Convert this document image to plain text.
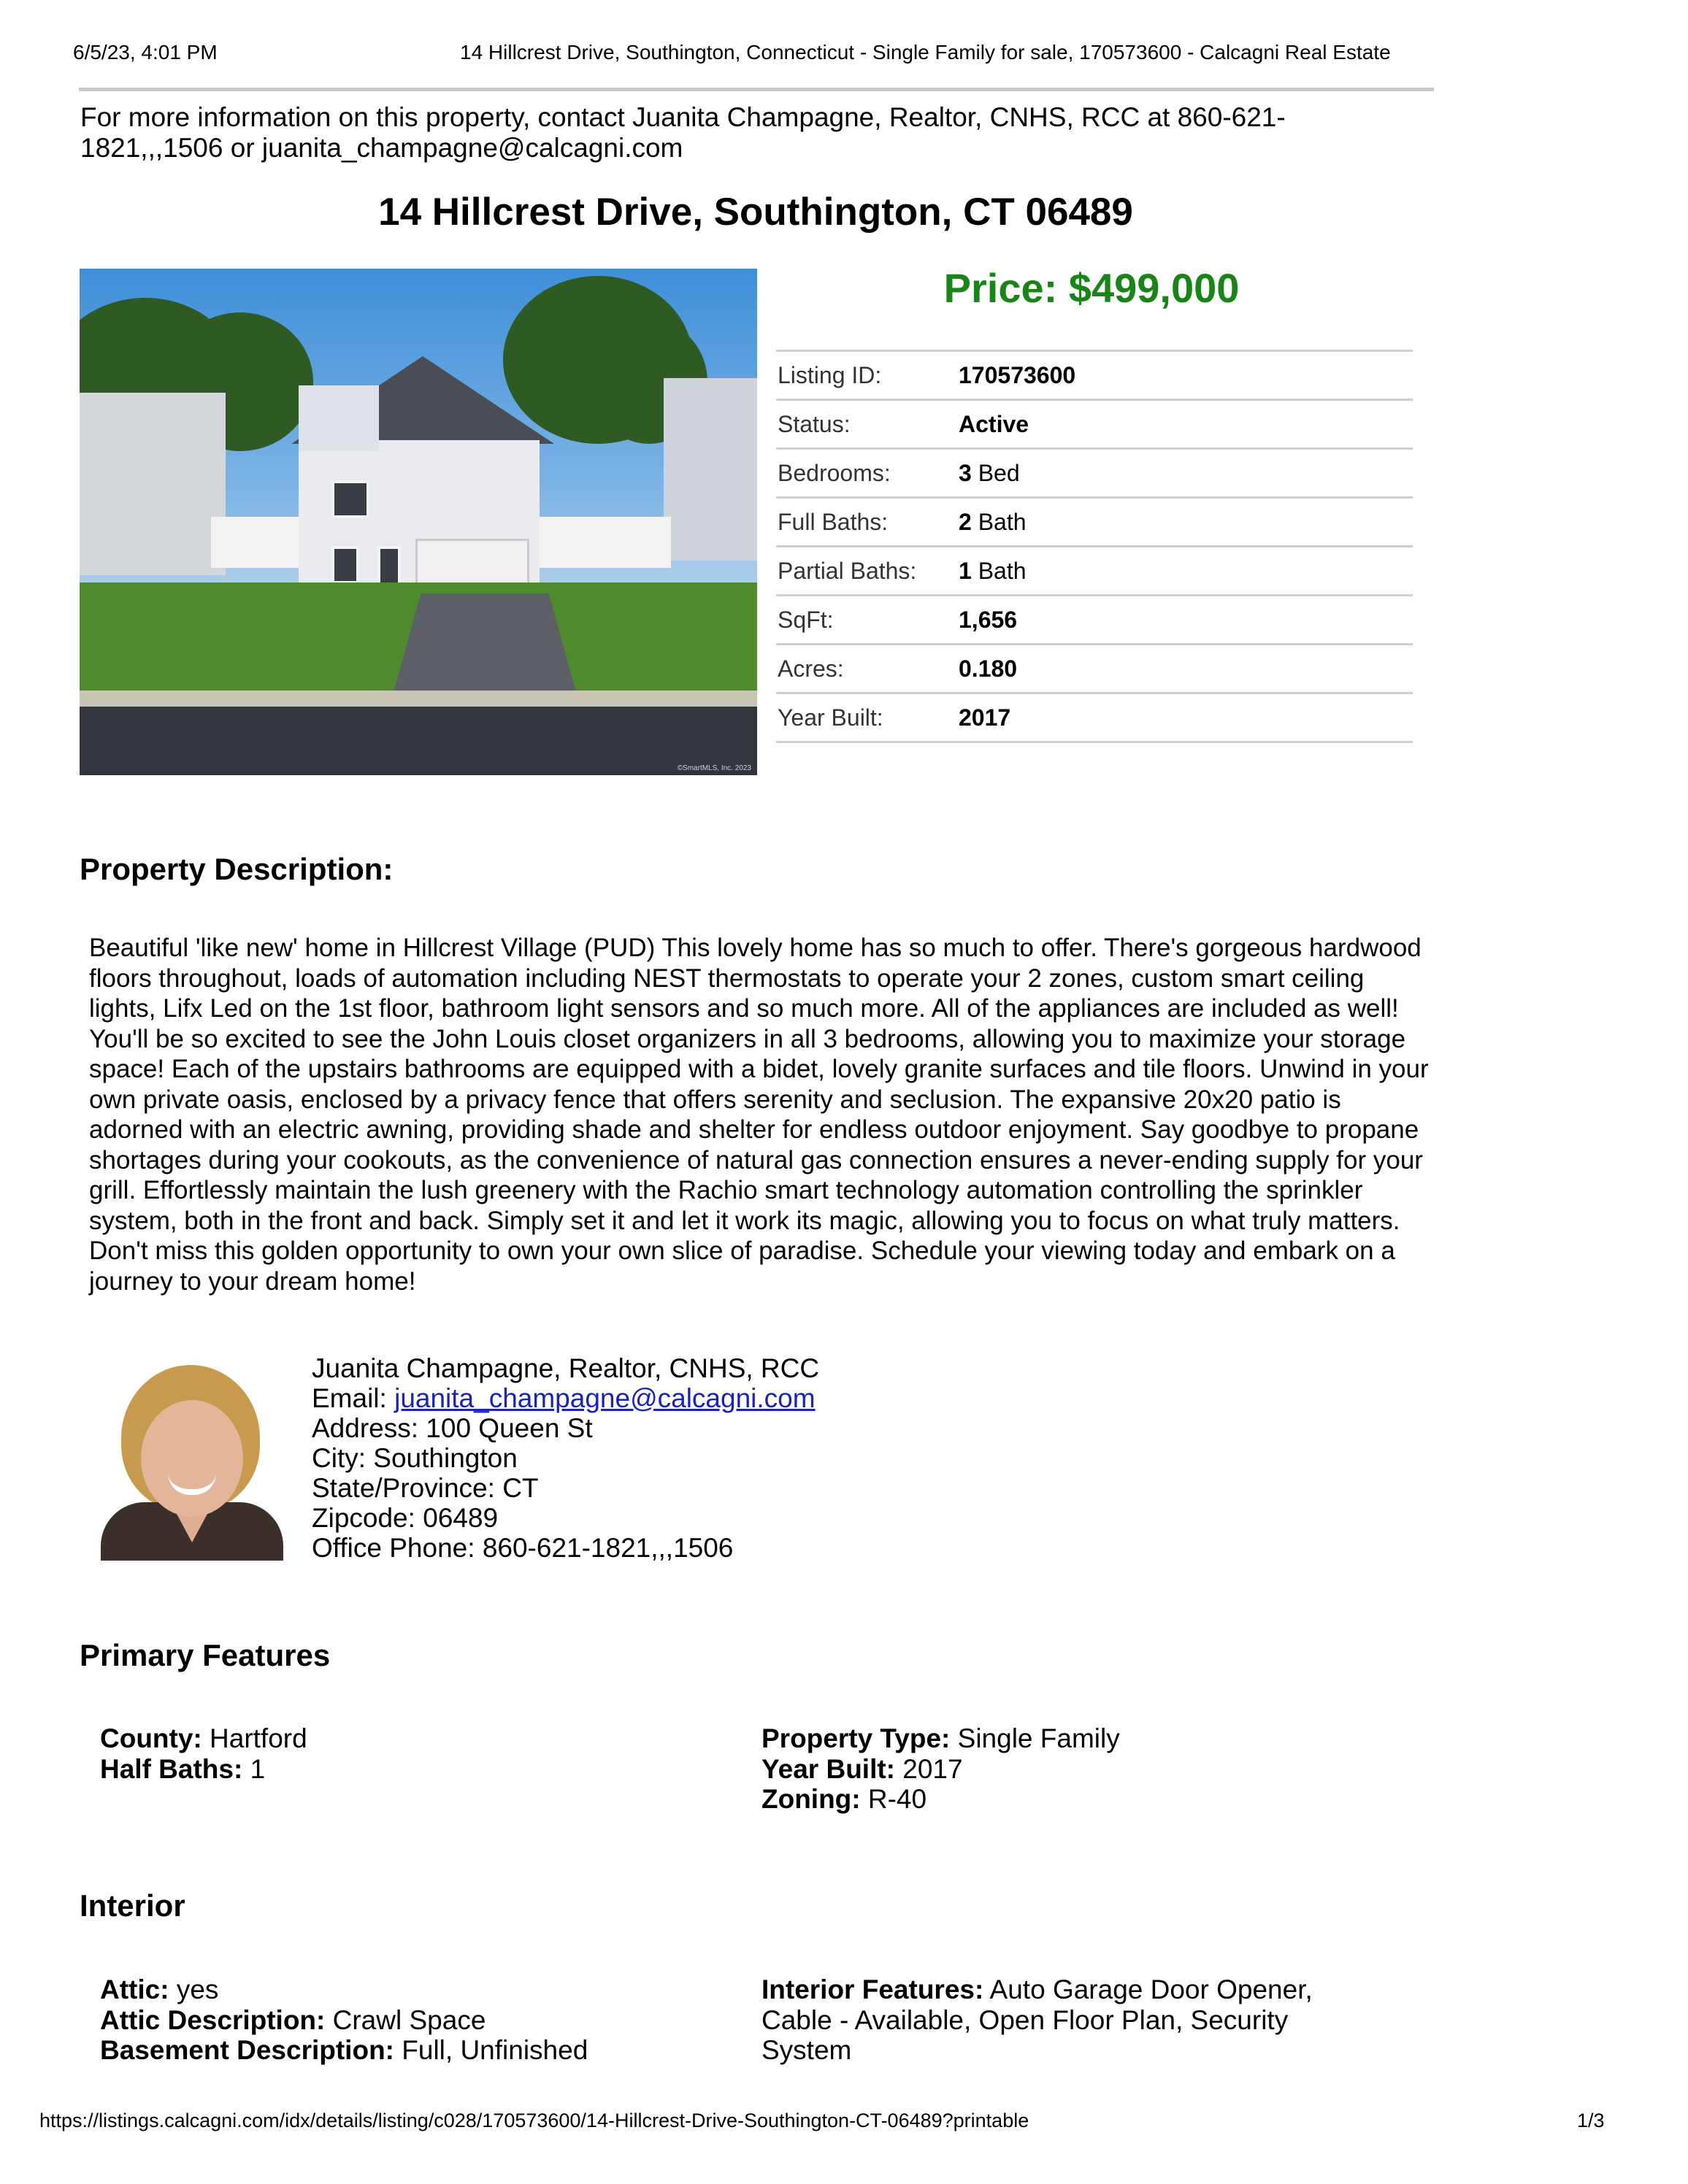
6/5/23, 4:01 PM	14 Hillcrest Drive, Southington, Connecticut - Single Family for sale, 170573600 - Calcagni Real Estate
For more information on this property, contact Juanita Champagne, Realtor, CNHS, RCC at 860-621-1821,,,1506 or juanita_champagne@calcagni.com
14 Hillcrest Drive, Southington, CT 06489
©SmartMLS, Inc. 2023
Price: $499,000
Listing ID:	170573600
Status:	Active
Bedrooms:	3 Bed
Full Baths:	2 Bath
Partial Baths:	1 Bath
SqFt:	1,656
Acres:	0.180
Year Built:	2017
Property Description:
Beautiful 'like new' home in Hillcrest Village (PUD) This lovely home has so much to offer. There's gorgeous hardwood floors throughout, loads of automation including NEST thermostats to operate your 2 zones, custom smart ceiling lights, Lifx Led on the 1st floor, bathroom light sensors and so much more. All of the appliances are included as well! You'll be so excited to see the John Louis closet organizers in all 3 bedrooms, allowing you to maximize your storage space! Each of the upstairs bathrooms are equipped with a bidet, lovely granite surfaces and tile floors. Unwind in your own private oasis, enclosed by a privacy fence that offers serenity and seclusion. The expansive 20x20 patio is adorned with an electric awning, providing shade and shelter for endless outdoor enjoyment. Say goodbye to propane shortages during your cookouts, as the convenience of natural gas connection ensures a never-ending supply for your grill. Effortlessly maintain the lush greenery with the Rachio smart technology automation controlling the sprinkler system, both in the front and back. Simply set it and let it work its magic, allowing you to focus on what truly matters. Don't miss this golden opportunity to own your own slice of paradise. Schedule your viewing today and embark on a journey to your dream home!
Juanita Champagne, Realtor, CNHS, RCC
Email: juanita_champagne@calcagni.com
Address: 100 Queen St
City: Southington
State/Province: CT
Zipcode: 06489
Office Phone: 860-621-1821,,,1506
Primary Features
County: Hartford
Half Baths: 1
Property Type: Single Family
Year Built: 2017
Zoning: R-40
Interior
Attic: yes
Attic Description: Crawl Space
Basement Description: Full, Unfinished
Interior Features: Auto Garage Door Opener, Cable - Available, Open Floor Plan, Security System
https://listings.calcagni.com/idx/details/listing/c028/170573600/14-Hillcrest-Drive-Southington-CT-06489?printable	1/3
